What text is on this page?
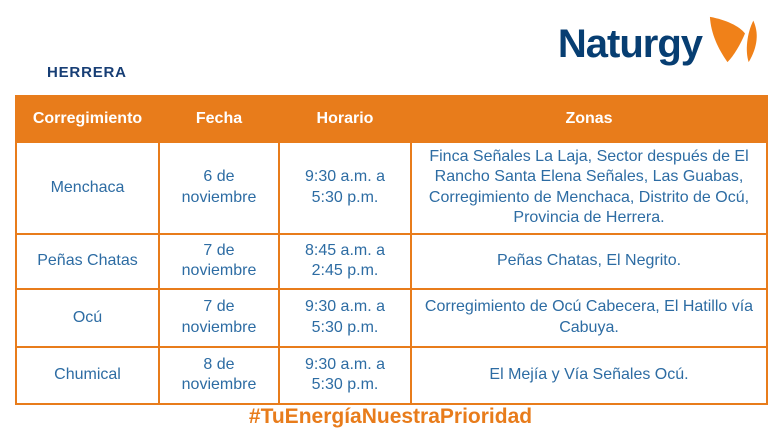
HERRERA
Naturgy
Corregimiento	Fecha	Horario	Zonas
Menchaca	6 de noviembre	9:30 a.m. a 5:30 p.m.	Finca Señales La Laja, Sector después de El Rancho Santa Elena Señales, Las Guabas, Corregimiento de Menchaca, Distrito de Ocú, Provincia de Herrera.
Peñas Chatas	7 de noviembre	8:45 a.m. a 2:45 p.m.	Peñas Chatas, El Negrito.
Ocú	7 de noviembre	9:30 a.m. a 5:30 p.m.	Corregimiento de Ocú Cabecera, El Hatillo vía Cabuya.
Chumical	8 de noviembre	9:30 a.m. a 5:30 p.m.	El Mejía y Vía Señales Ocú.
#TuEnergíaNuestraPrioridad
